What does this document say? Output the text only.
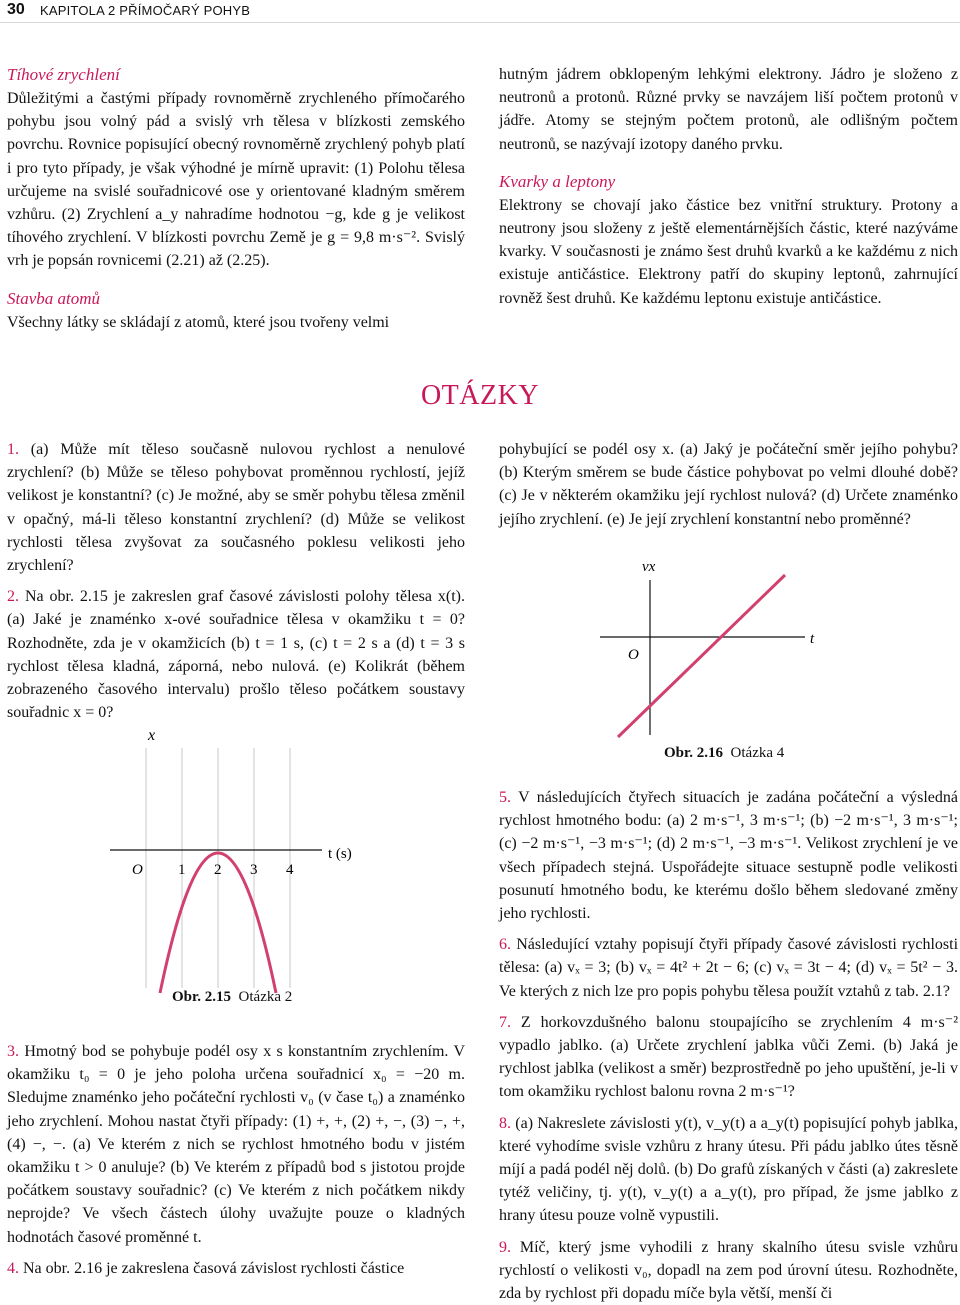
30 KAPITOLA 2 PŘÍMOČARÝ POHYB

Tíhové zrychlení

Důležitými a častými případy rovnoměrně zrychleného přímočarého pohybu jsou volný pád a svislý vrh tělesa v blízkosti zemského povrchu. Rovnice popisující obecný rovnoměrně zrychlený pohyb platí i pro tyto případy, je však výhodné je mírně upravit: (1) Polohu tělesa určujeme na svislé souřadnicové ose y orientované kladným směrem vzhůru. (2) Zrychlení a_y nahradíme hodnotou −g, kde g je velikost tíhového zrychlení. V blízkosti povrchu Země je g = 9,8 m·s⁻². Svislý vrh je popsán rovnicemi (2.21) až (2.25).

Stavba atomů

Všechny látky se skládají z atomů, které jsou tvořeny velmi

hutným jádrem obklopeným lehkými elektrony. Jádro je složeno z neutronů a protonů. Různé prvky se navzájem liší počtem protonů v jádře. Atomy se stejným počtem protonů, ale odlišným počtem neutronů, se nazývají izotopy daného prvku.

Kvarky a leptony

Elektrony se chovají jako částice bez vnitřní struktury. Protony a neutrony jsou složeny z ještě elementárnějších částic, které nazýváme kvarky. V současnosti je známo šest druhů kvarků a ke každému z nich existuje antičástice. Elektrony patří do skupiny leptonů, zahrnující rovněž šest druhů. Ke každému leptonu existuje antičástice.

OTÁZKY

1. (a) Může mít těleso současně nulovou rychlost a nenulové zrychlení? (b) Může se těleso pohybovat proměnnou rychlostí, jejíž velikost je konstantní? (c) Je možné, aby se směr pohybu tělesa změnil v opačný, má-li těleso konstantní zrychlení? (d) Může se velikost rychlosti tělesa zvyšovat za současného poklesu velikosti jeho zrychlení?

2. Na obr. 2.15 je zakreslen graf časové závislosti polohy tělesa x(t). (a) Jaké je znaménko x-ové souřadnice tělesa v okamžiku t = 0? Rozhodněte, zda je v okamžicích (b) t = 1 s, (c) t = 2 s a (d) t = 3 s rychlost tělesa kladná, záporná, nebo nulová. (e) Kolikrát (během zobrazeného časového intervalu) prošlo těleso počátkem soustavy souřadnic x = 0?

x
t (s)
O 1 2 3 4
Obr. 2.15 Otázka 2

3. Hmotný bod se pohybuje podél osy x s konstantním zrychlením. V okamžiku t₀ = 0 je jeho poloha určena souřadnicí x₀ = −20 m. Sledujme znaménko jeho počáteční rychlosti v₀ (v čase t₀) a znaménko jeho zrychlení. Mohou nastat čtyři případy: (1) +, +, (2) +, −, (3) −, +, (4) −, −. (a) Ve kterém z nich se rychlost hmotného bodu v jistém okamžiku t > 0 anuluje? (b) Ve kterém z případů bod s jistotou projde počátkem soustavy souřadnic? (c) Ve kterém z nich počátkem nikdy neprojde? Ve všech částech úlohy uvažujte pouze o kladných hodnotách časové proměnné t.

4. Na obr. 2.16 je zakreslena časová závislost rychlosti částice

pohybující se podél osy x. (a) Jaký je počáteční směr jejího pohybu? (b) Kterým směrem se bude částice pohybovat po velmi dlouhé době? (c) Je v některém okamžiku její rychlost nulová? (d) Určete znaménko jejího zrychlení. (e) Je její zrychlení konstantní nebo proměnné?

vx
t
O
Obr. 2.16 Otázka 4

5. V následujících čtyřech situacích je zadána počáteční a výsledná rychlost hmotného bodu: (a) 2 m·s⁻¹, 3 m·s⁻¹; (b) −2 m·s⁻¹, 3 m·s⁻¹; (c) −2 m·s⁻¹, −3 m·s⁻¹; (d) 2 m·s⁻¹, −3 m·s⁻¹. Velikost zrychlení je ve všech případech stejná. Uspořádejte situace sestupně podle velikosti posunutí hmotného bodu, ke kterému došlo během sledované změny jeho rychlosti.

6. Následující vztahy popisují čtyři případy časové závislosti rychlosti tělesa: (a) vₓ = 3; (b) vₓ = 4t² + 2t − 6; (c) vₓ = 3t − 4; (d) vₓ = 5t² − 3. Ve kterých z nich lze pro popis pohybu tělesa použít vztahů z tab. 2.1?

7. Z horkovzdušného balonu stoupajícího se zrychlením 4 m·s⁻² vypadlo jablko. (a) Určete zrychlení jablka vůči Zemi. (b) Jaká je rychlost jablka (velikost a směr) bezprostředně po jeho upuštění, je-li v tom okamžiku rychlost balonu rovna 2 m·s⁻¹?

8. (a) Nakreslete závislosti y(t), v_y(t) a a_y(t) popisující pohyb jablka, které vyhodíme svisle vzhůru z hrany útesu. Při pádu jablko útes těsně míjí a padá podél něj dolů. (b) Do grafů získaných v části (a) zakreslete tytéž veličiny, tj. y(t), v_y(t) a a_y(t), pro případ, že jsme jablko z hrany útesu pouze volně vypustili.

9. Míč, který jsme vyhodili z hrany skalního útesu svisle vzhůru rychlostí o velikosti v₀, dopadl na zem pod úrovní útesu. Rozhodněte, zda by rychlost při dopadu míče byla větší, menší či
